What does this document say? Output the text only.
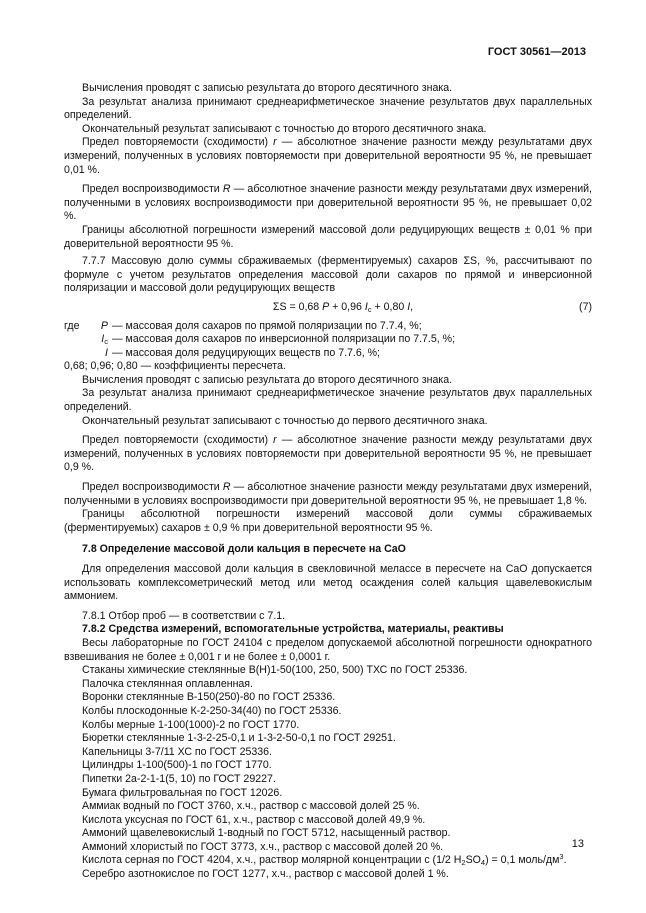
ГОСТ 30561—2013

Вычисления проводят с записью результата до второго десятичного знака.

За результат анализа принимают среднеарифметическое значение результатов двух параллельных определений.

Окончательный результат записывают с точностью до второго десятичного знака.

Предел повторяемости (сходимости) r — абсолютное значение разности между результатами двух измерений, полученных в условиях повторяемости при доверительной вероятности 95 %, не превышает 0,01 %.

Предел воспроизводимости R — абсолютное значение разности между результатами двух измерений, полученными в условиях воспроизводимости при доверительной вероятности 95 %, не превышает 0,02 %.

Границы абсолютной погрешности измерений массовой доли редуцирующих веществ ± 0,01 % при доверительной вероятности 95 %.

7.7.7 Массовую долю суммы сбраживаемых (ферментируемых) сахаров ΣS, %, рассчитывают по формуле с учетом результатов определения массовой доли сахаров по прямой и инверсионной поляризации и массовой доли редуцирующих веществ

ΣS = 0,68 P + 0,96 $I_c + 0,80$ I,	(7)
где P —
массовая доля сахаров по прямой поляризации по 7.7.4, %;
$I_c$ —
массовая доля сахаров по инверсионной поляризации по 7.7.5, %;
I —
массовая доля редуцирующих веществ по 7.7.6, %;

0,68; 0,96; 0,80 — коэффициенты пересчета.

Вычисления проводят с записью результата до второго десятичного знака.

За результат анализа принимают среднеарифметическое значение результатов двух параллельных определений.

Окончательный результат записывают с точностью до первого десятичного знака.

Предел повторяемости (сходимости) r — абсолютное значение разности между результатами двух измерений, полученных в условиях повторяемости при доверительной вероятности 95 %, не превышает 0,9 %.

Предел воспроизводимости R — абсолютное значение разности между результатами двух измерений, полученными в условиях воспроизводимости при доверительной вероятности 95 %, не превышает 1,8 %.

Границы абсолютной погрешности измерений массовой доли суммы сбраживаемых (ферментируемых) сахаров ± 0,9 % при доверительной вероятности 95 %.

7.8 Определение массовой доли кальция в пересчете на CaO

Для определения массовой доли кальция в свекловичной мелассе в пересчете на CaO допускается использовать комплексометрический метод или метод осаждения солей кальция щавелевокислым аммонием.

7.8.1 Отбор проб — в соответствии с 7.1.

7.8.2 Средства измерений, вспомогательные устройства, материалы, реактивы

Весы лабораторные по ГОСТ 24104 с пределом допускаемой абсолютной погрешности однократного взвешивания не более ± 0,001 г и не более ± 0,0001 г.

Стаканы химические стеклянные В(Н)1-50(100, 250, 500) ТХС по ГОСТ 25336.

Палочка стеклянная оплавленная.

Воронки стеклянные В-150(250)-80 по ГОСТ 25336.

Колбы плоскодонные К-2-250-34(40) по ГОСТ 25336.

Колбы мерные 1-100(1000)-2 по ГОСТ 1770.

Бюретки стеклянные 1-3-2-25-0,1 и 1-3-2-50-0,1 по ГОСТ 29251.

Капельницы 3-7/11 ХС по ГОСТ 25336.

Цилиндры 1-100(500)-1 по ГОСТ 1770.

Пипетки 2а-2-1-1(5, 10) по ГОСТ 29227.

Бумага фильтровальная по ГОСТ 12026.

Аммиак водный по ГОСТ 3760, х.ч., раствор с массовой долей 25 %.

Кислота уксусная по ГОСТ 61, х.ч., раствор с массовой долей 49,9 %.

Аммоний щавелевокислый 1-водный по ГОСТ 5712, насыщенный раствор.

Аммоний хлористый по ГОСТ 3773, х.ч., раствор с массовой долей 20 %.

Кислота серная по ГОСТ 4204, х.ч., раствор молярной концентрации с (1/2 $H_2SO_4) = 0,1$ моль/$дм^3$.

Серебро азотнокислое по ГОСТ 1277, х.ч., раствор с массовой долей 1 %.

13
